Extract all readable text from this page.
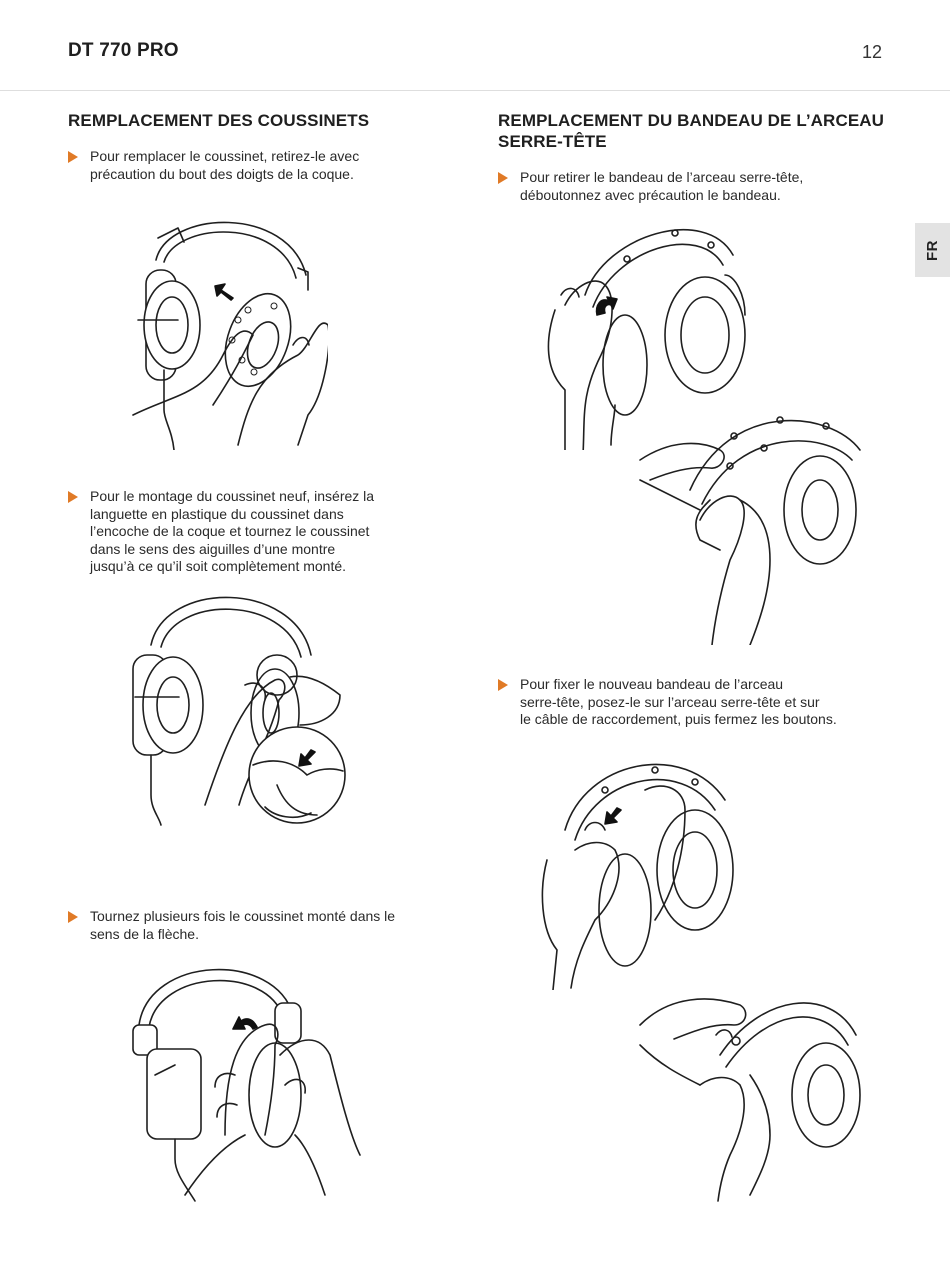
DT 770 PRO	12
FR
REMPLACEMENT DES COUSSINETS
Pour remplacer le coussinet, retirez-le avec
précaution du bout des doigts de la coque.
Pour le montage du coussinet neuf, insérez la
languette en plastique du coussinet dans
l’encoche de la coque et tournez le coussinet
dans le sens des aiguilles d’une montre
jusqu’à ce qu’il soit complètement monté.
Tournez plusieurs fois le coussinet monté dans le
sens de la flèche.
REMPLACEMENT DU BANDEAU DE L’ARCEAU
SERRE-TÊTE
Pour retirer le bandeau de l’arceau serre-tête,
déboutonnez avec précaution le bandeau.
Pour fixer le nouveau bandeau de l’arceau
serre-tête, posez-le sur l’arceau serre-tête et sur
le câble de raccordement, puis fermez les boutons.
